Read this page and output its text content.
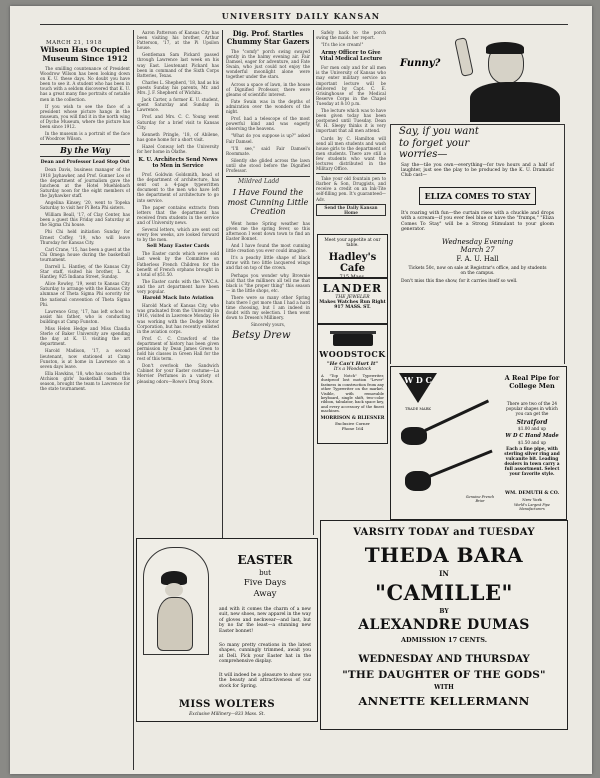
MARCH 21, 1918
UNIVERSITY DAILY KANSAN
Wilson Has Occupied Museum Since 1912

The smilling countenance of President Woodrow Wilson has been looking down on K. U. these days. No doubt you have been to see it. A student who has been in touch with a seldom discovered that K. U. has a great many fine portraits of notable men in the collection.

If you wish to see the face of a president whose picture hangs in the museum, you will find it in the north wing of Dyche Museum, where the picture has been since 1912.

In the museum is a portrait of the face of Woodrow Wilson.

By the Way
Dean and Professor Lead Stop Out

Dean Davis, business manager of the 1918 Jayhawker, and Prof. Gunner Loo of the department of journalism gave the luncheon at the Hotel Muehlebach Saturday noon for the eight members of the Jayhawker staff.

Angelina Kinsey, '20, went to Topeka Saturday to visit her Pi Beta Phi sisters.

William Beall, '17, of Clay Center, has been a guest this Friday and Saturday at the Sigma Chi house.

Phi Chi held initiation Sunday for Ernest Coffey, '19, who will leave Thursday for Kansas City.

Carl Crane, '15, has been a guest at the Chi Omega house during the basketball tournament.

Darrell L. Hantley, of the Kansas City Star staff, visited his brother, L. A. Hantley, 925 Indiana Street, Sunday.

Alice Rowley, '19, went to Kansas City Saturday to arrange with the Kansas City alumnae of Theta Sigma Phi sorority for the national convention of Theta Sigma Phi.

Lawrence Gray, '17, has left school to assist his father, who is conducting buildings at Camp Funston.

Miss Helen Hedge and Miss Claudia Sterle of Baker University are spending the day at K. U. visiting the art department.

Harold Madison, '17, a second lieutenant, now stationed at Camp Funston, is at home in Lawrence on a seven days leave.

Ella Hawkins, '18, who has coached the Atchison girls' basketball team this season, brought the team to Lawrence for the state tournament.

Aaron Patterson of Kansas City has been visiting his brother, Arthur Patterson, '17, at the Pi Upsilon house.

Gentleman Sam Pickard passed through Lawrence last week on his way East. Lieutenant Pickard has been in command of the Sixth Corps Batteries, Texas.

Charles L. Shepherd, '18, had as his guests Sunday his parents, Mr. and Mrs. J. F. Shepherd of Wichita.

Jack Carter, a former K. U. student, spent Saturday and Sunday in Lawrence.

Prof. and Mrs. C. C. Young went Saturday for a brief visit to Kansas City.

Kenneth Pringle, '18, of Abilene, has gone home for a short visit.

Hazel Conway left the University for her home in Olathe.

K. U. Architects Send News to Men in Service

Prof. Goldwin Goldsmith, head of the department of architecture, has sent out a 4-page typewritten document to the men who have left the department of architecture to go into service.

The paper contains extracts from letters that the department has received from students in the service and of University news.

Several letters, which are sent out every few weeks, are looked forward to by the men.

Sell Many Easter Cards

The Easter cards which were sold last week by the Committee on Fatherless French Children for the benefit of French orphans brought in a total of $51.50.

The Easter cards with the Y.W.C.A. and the art department have been very popular.

Harold Mack Into Aviation

Harold Mack of Kansas City, who was graduated from the University in 1916, visited in Lawrence Monday. He was working with the Dodge Motor Corporation, but has recently enlisted in the aviation corps.

Prof. C. C. Crawford of the department of history has been given permission by Dean James Green to hold his classes in Green Hall for the rest of this term.

Don't overlook the Sandwich Cabinet for your Easter costume—La Mervier Perfumes in a variety of pleasing odors—Rowe's Drug Store.

Dig. Prof. Startles Chummy Star Gazers

The "comfy" porch swing swayed gently in the balmy evening air. Fair Damsel, eager for adventure, and Fate Swain, who just could not enjoy the wonderful moonlight alone were together under the stars.

Across a space of lawn, in the house of Dignified Professor, there were gleams of scientific interest.

Fate Swain was in the depths of admiration over the wonders of the night.

Prof. had a telescope of the most powerful kind and was eagerly observing the heavens.

"What do you suppose is up?" asked Fair Damsel.

"I'll see," said Fair Damsel's Roommate.

Silently she glided across the lawn until she stood before the Dignified Professor.

Mildred Ladd
I Have Found the most Cunning Little Creation

Went home Spring weather has given me the spring fever, so this afternoon I went down town to find an Easter Bonnet.

And I have found the most cunning little creation you ever could imagine.

It's a peachy little shape of black straw with two little lacquered wings and flat on top of the crown.

Perhaps you wonder why. Brownie said that the milliners all tell me that black is "the proper thing" this season — in the little shops, etc.

There were so many other Spring hats there I got more than I had a hard time choosing, but I am indeed in doubt with my selection. I then went down to Dresen's Millinery.

Sincerely yours,
Betsy Drew

Safely back to the porch swing the maids her report.

"It's the ice cream!"

Army Officer to Give Vital Medical Lecture

For men only and for all men is the University of Kansas who may enter military service an important lecture will be delivered by Capt. C. E. Grisinghouse of the Medical Reserve Corps in the Chapel Tuesday at 8:10 p.m.

The lecture which was to have been given today has been postponed until Tuesday. Dean W. H. Sleepy thinks it is very important that all men attend.

Cards by C. Hamilton will send all men students and wash house girls to the department of men students. There are still a few students who want the lectures distributed in the Military Office.

Take your old fountain pen to Barber & Son, Druggists, and receive a credit on an Ink-Tite self-filling pen. It's guaranteed—Adv.

Send the Daily Kansan Home
Meet your appetite at our table.
Hadley's Cafe
715 Mass.
LANDER
THE JEWELER
Makes Watches Run Right
917 MASS. ST.
WOODSTOCK
"He Can't Hurt It"
It's a Woodstock
A "Top Notch" Typewriter, dustproof lost motion "Lever" fastness in construction from any other Typewriter on the market. Visible, with removable keyboard, single shift, two-color ribbon, tabulator, back space key, and every accessory of the finest machines.
MORRISON & BLIESNER
Exclusive Corner
Phone 164
Funny?
Say, if you want
to forget your
worries—
Say the—tile you own—everything—for two hours and a half of laughter, just see the play to be produced by the K. U. Dramatic Club cast—
ELIZA COMES TO STAY
It's roaring with fun—the curtain rises with a chuckle and drops with a scream—if you ever feel blue or have the "frumps," "Eliza Comes To Stay" will be a Strong Stimulant to your gloom generator.
Wednesday Evening
March 27
F. A. U. Hall
Tickets 50c, now on sale at Registrar's office, and by students on the campus.
Don't miss this fine show, for it carries itself so well.
W D C
TRADE MARK
Genuine French Briar
A Real Pipe for College Men
There are two of the 24 popular shapes in which you can get the
Stratford
$1.00 and up
W D C Hand Made
$1.50 and up
Each a fine pipe, with sterling silver ring and vulcanite bit. Leading dealers in town carry a full assortment. Select your favorite style.
WM. DEMUTH & CO.
New York
World's Largest Pipe Manufacturers
EASTER
but
Five Days
Away
and with it comes the charm of a new suit, new shoes, new apparel in the way of gloves and neckwear—and last, but by no far the least—a stunning new Easter bonnet!
So many pretty creations in the latest shapes, cunningly trimmed, await you at Dell. Pick your Easter hat in the comprehensive display.
It will indeed be a pleasure to show you the beauty and attractiveness of our stock for Spring.
MISS WOLTERS
Exclusive Millinery—833 Mass. St.
VARSITY TODAY and TUESDAY
THEDA BARA
IN
"CAMILLE"
BY
ALEXANDRE DUMAS
ADMISSION 17 CENTS.
WEDNESDAY AND THURSDAY
"THE DAUGHTER OF THE GODS"
WITH
ANNETTE KELLERMANN
